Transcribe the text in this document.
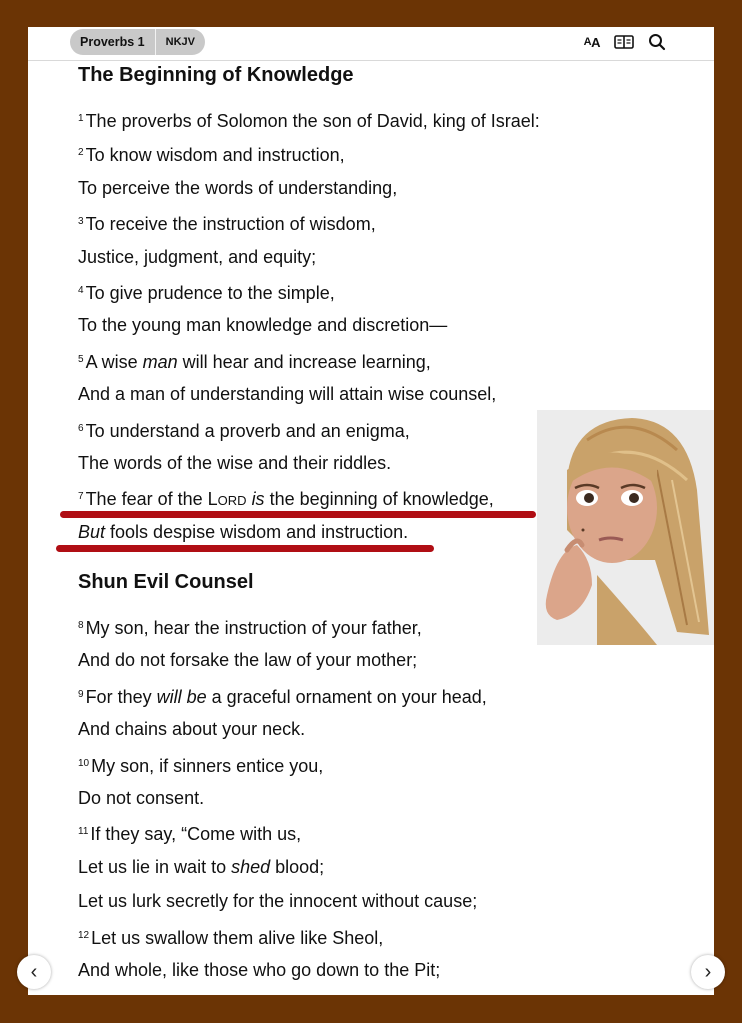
Proverbs 1	NKJV	A A
The Beginning of Knowledge
$^1$ The proverbs of Solomon the son of David, king of Israel:
$^2$ To know wisdom and instruction,
To perceive the words of understanding,
$^3$ To receive the instruction of wisdom,
Justice, judgment, and equity;
$^4$ To give prudence to the simple,
To the young man knowledge and discretion—
$^5$ A wise man will hear and increase learning,
And a man of understanding will attain wise counsel,
$^6$ To understand a proverb and an enigma,
The words of the wise and their riddles.
$^7$ The fear of the Lord is the beginning of knowledge,
But fools despise wisdom and instruction.
Shun Evil Counsel
$^8$ My son, hear the instruction of your father,
And do not forsake the law of your mother;
$^9$ For they will be a graceful ornament on your head,
And chains about your neck.
$^{10}$ My son, if sinners entice you,
Do not consent.
$^{11}$ If they say, “Come with us,
Let us lie in wait to shed blood;
Let us lurk secretly for the innocent without cause;
$^{12}$ Let us swallow them alive like Sheol,
And whole, like those who go down to the Pit;
‹	›
